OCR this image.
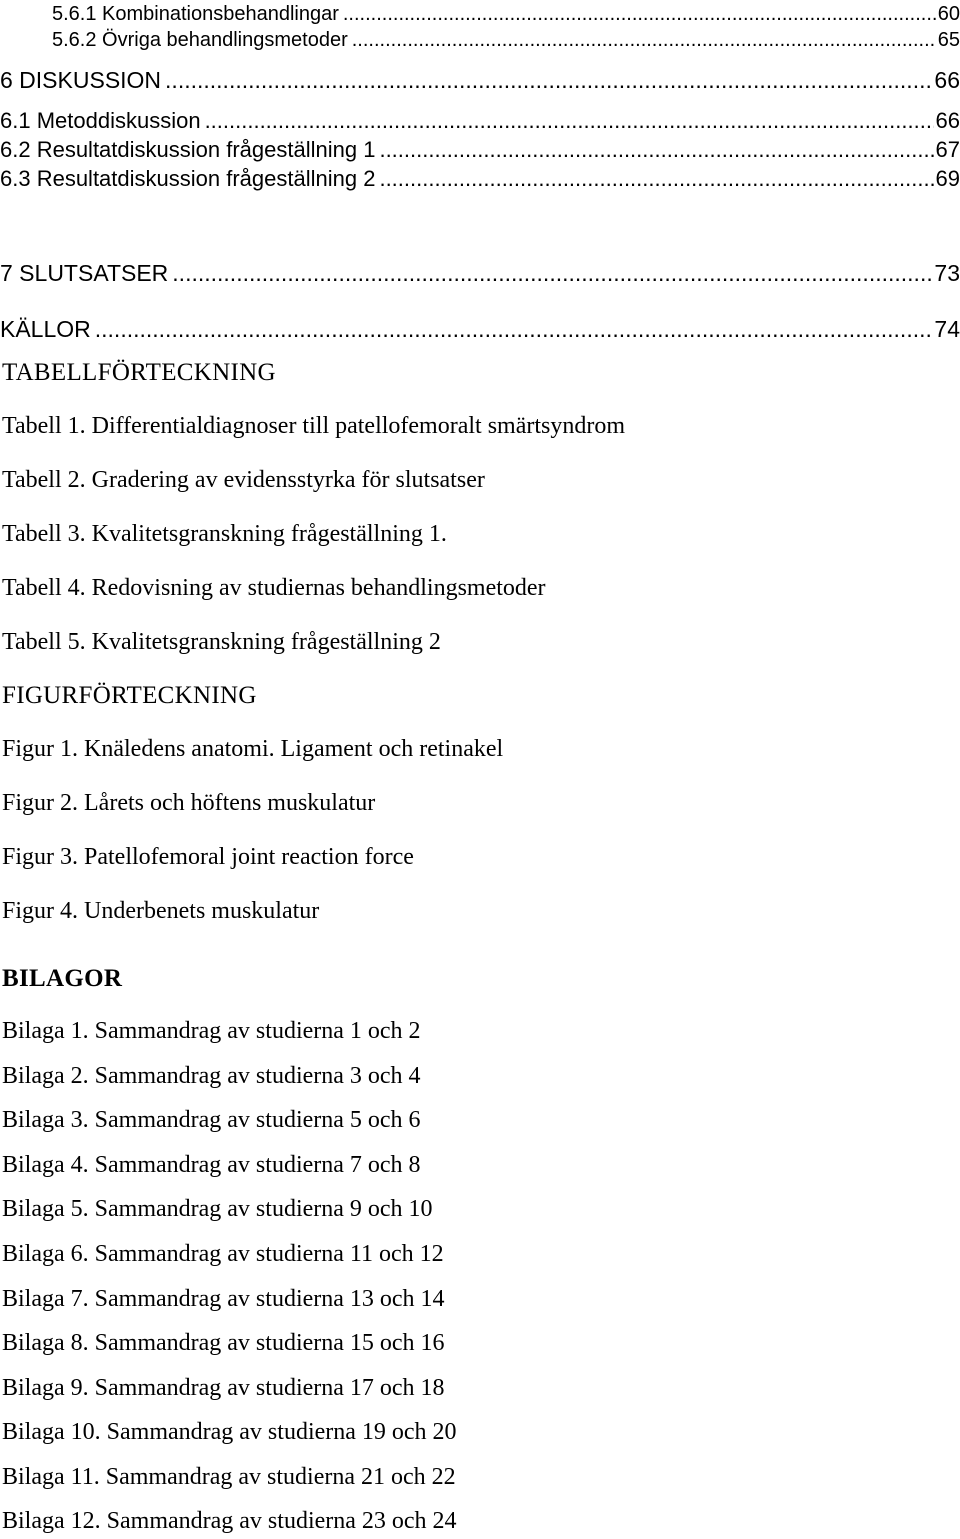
5.6.1 Kombinationsbehandlingar .....	60
5.6.2 Övriga behandlingsmetoder .....	65
6 DISKUSSION .....	66
6.1 Metoddiskussion .....	66
6.2 Resultatdiskussion frågeställning 1 .....	67
6.3 Resultatdiskussion frågeställning 2 .....	69
7 SLUTSATSER .....	73
KÄLLOR .....	74
TABELLFÖRTECKNING
Tabell 1. Differentialdiagnoser till patellofemoralt smärtsyndrom
Tabell 2. Gradering av evidensstyrka för slutsatser
Tabell 3. Kvalitetsgranskning frågeställning 1.
Tabell 4. Redovisning av studiernas behandlingsmetoder
Tabell 5. Kvalitetsgranskning frågeställning 2
FIGURFÖRTECKNING
Figur 1. Knäledens anatomi. Ligament och retinakel
Figur 2. Lårets och höftens muskulatur
Figur 3. Patellofemoral joint reaction force
Figur 4. Underbenets muskulatur
BILAGOR
Bilaga 1. Sammandrag av studierna 1 och 2
Bilaga 2. Sammandrag av studierna 3 och 4
Bilaga 3. Sammandrag av studierna 5 och 6
Bilaga 4. Sammandrag av studierna 7 och 8
Bilaga 5. Sammandrag av studierna 9 och 10
Bilaga 6. Sammandrag av studierna 11 och 12
Bilaga 7. Sammandrag av studierna 13 och 14
Bilaga 8. Sammandrag av studierna 15 och 16
Bilaga 9. Sammandrag av studierna 17 och 18
Bilaga 10. Sammandrag av studierna 19 och 20
Bilaga 11. Sammandrag av studierna 21 och 22
Bilaga 12. Sammandrag av studierna 23 och 24
